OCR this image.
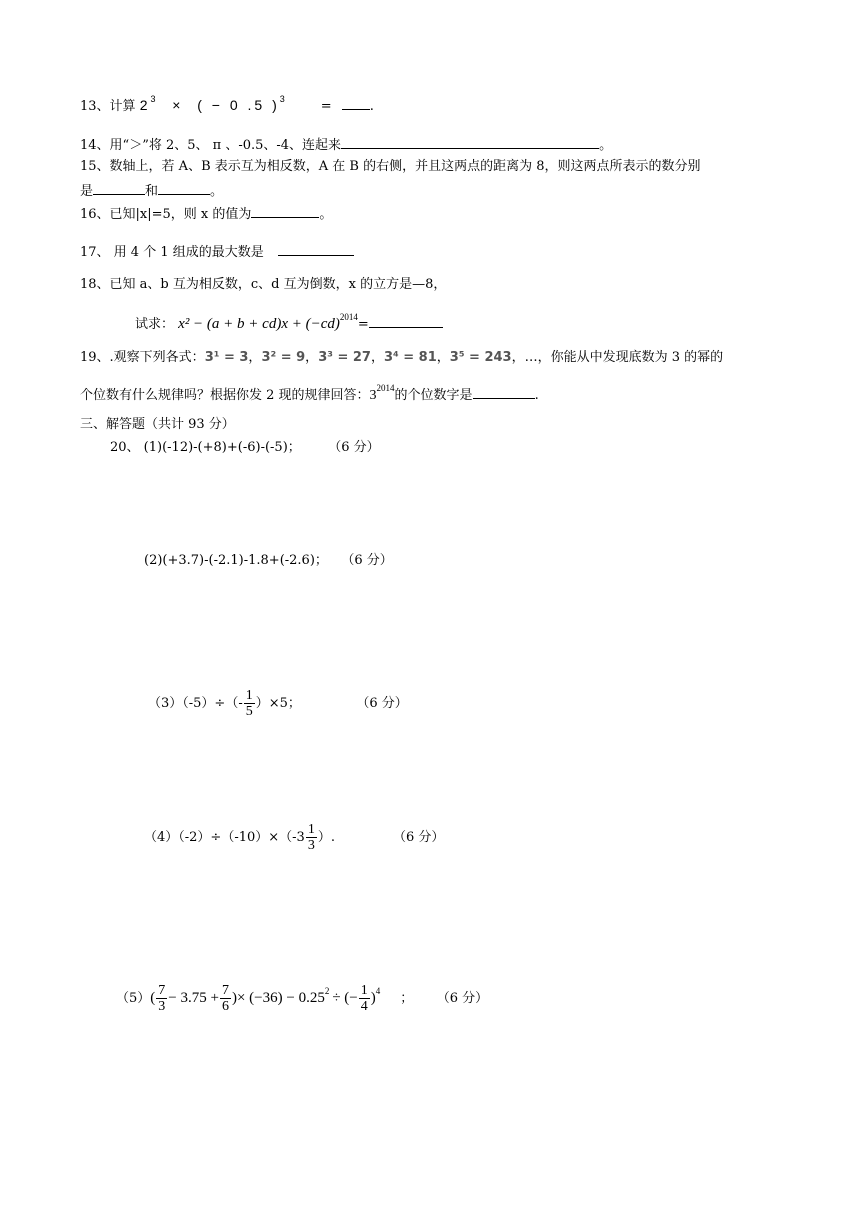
13、计算 $2^3$ × ( − 0 .5 )$^3$	=	.
14、用“＞”将 2、5、 π 、-0.5、-4、连起来	。
15、数轴上，若 A、B 表示互为相反数，A 在 B 的右侧，并且这两点的距离为 8，则这两点所表示的数分别
是	和	。
16、已知|x|=5，则 x 的值为	。
17、 用 4 个 1 组成的最大数是
18、已知 a、b 互为相反数，c、d 互为倒数，x 的立方是—8，
试求： $x^2 - (a + b + cd)x + (-cd)^{2014}=$
19、.观察下列各式：3¹ = 3，3² = 9，3³ = 27，3⁴ = 81，3⁵ = 243，…，你能从中发现底数为 3 的幂的
个位数有什么规律吗？根据你发 2 现的规律回答：$3^{2014}$的个位数字是	.
三、解答题（共计 93 分）
20、 (1)(-12)-(+8)+(-6)-(-5)；	（6 分）
(2)(+3.7)-(-2.1)-1.8+(-2.6)； （6 分）
$(3)(-5)\div(- \frac{1}{5} )\times 5$；	（6 分）
$(4)(-2)\div(-10)\times(-3 \frac{1}{3}$ ）.	（6 分）
$(5)( \frac{7}{3} - 3.75 + \frac{7}{6}$ )× $(-36) - 0.25^2$ ÷ (− $\frac{1}{4} )^4$ ； （6 分）
